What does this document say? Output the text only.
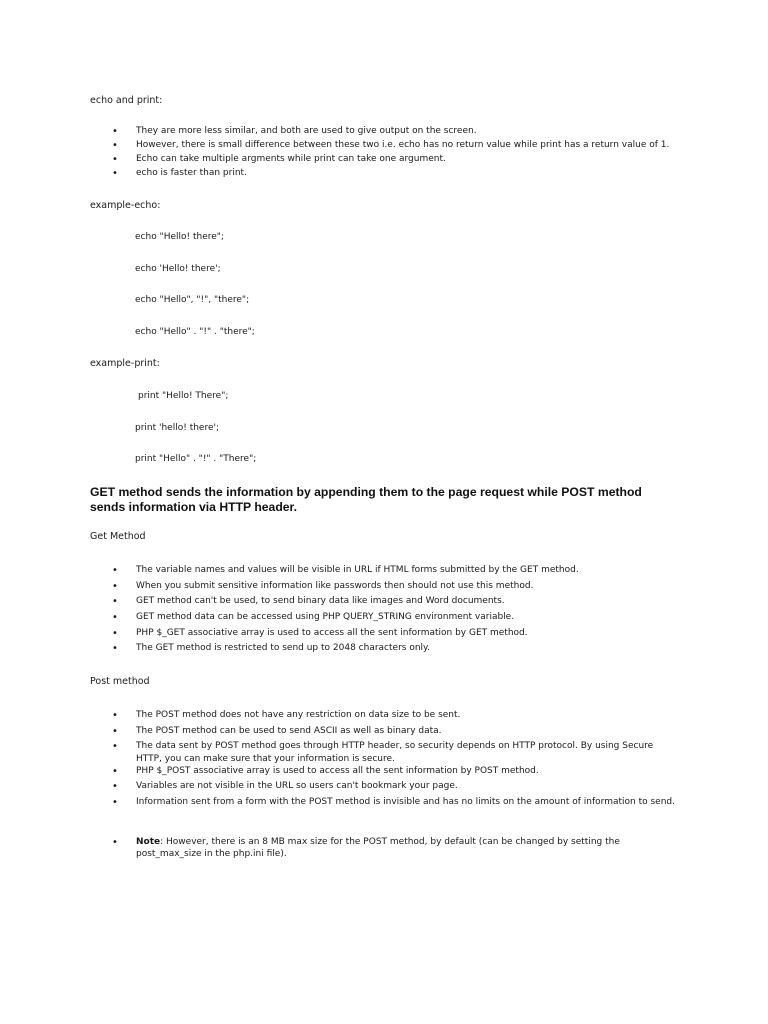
echo and print:
• They are more less similar, and both are used to give output on the screen.
• However, there is small difference between these two i.e. echo has no return value while print has a return value of 1.
• Echo can take multiple argments while print can take one argument.
• echo is faster than print.
example-echo:
echo "Hello! there";
echo 'Hello! there';
echo "Hello", "!", "there";
echo "Hello" . "!" . "there";
example-print:
print "Hello! There";
print 'hello! there';
print "Hello" . "!" . "There";
GET method sends the information by appending them to the page request while POST method sends information via HTTP header.
Get Method
• The variable names and values will be visible in URL if HTML forms submitted by the GET method.
• When you submit sensitive information like passwords then should not use this method.
• GET method can't be used, to send binary data like images and Word documents.
• GET method data can be accessed using PHP QUERY_STRING environment variable.
• PHP $_GET associative array is used to access all the sent information by GET method.
• The GET method is restricted to send up to 2048 characters only.
Post method
• The POST method does not have any restriction on data size to be sent.
• The POST method can be used to send ASCII as well as binary data.
• The data sent by POST method goes through HTTP header, so security depends on HTTP protocol. By using Secure HTTP, you can make sure that your information is secure.
• PHP $_POST associative array is used to access all the sent information by POST method.
• Variables are not visible in the URL so users can't bookmark your page.
• Information sent from a form with the POST method is invisible and has no limits on the amount of information to send.
• Note: However, there is an 8 MB max size for the POST method, by default (can be changed by setting the post_max_size in the php.ini file).
